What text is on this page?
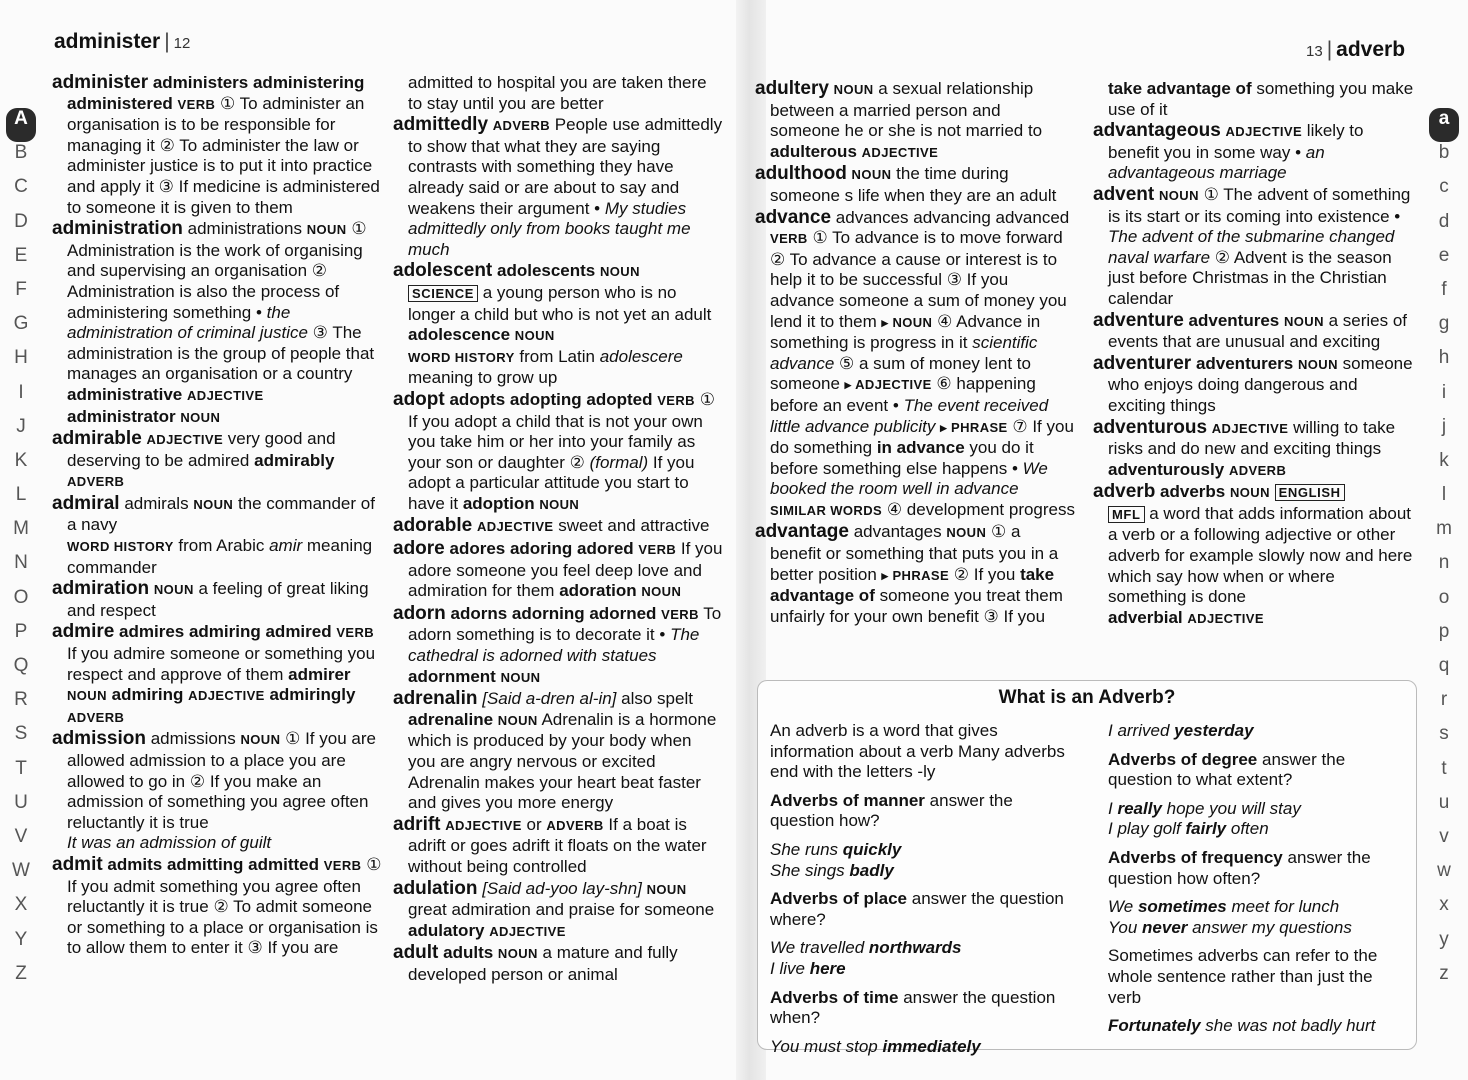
administer | 12	13 | adverb
A
B
C
D
E
F
G
H
I
J
K
L
M
N
O
P
Q
R
S
T
U
V
W
X
Y
Z
a
b
c
d
e
f
g
h
i
j
k
l
m
n
o
p
q
r
s
t
u
v
w
x
y
z

administer administers administering administered VERB ① To administer an organisation is to be responsible for managing it ② To administer the law or administer justice is to put it into practice and apply it ③ If medicine is administered to someone it is given to them

administration administrations NOUN ① Administration is the work of organising and supervising an organisation ② Administration is also the process of administering something • the administration of criminal justice ③ The administration is the group of people that manages an organisation or a country
administrative ADJECTIVE
administrator NOUN

admirable ADJECTIVE very good and deserving to be admired admirably ADVERB

admiral admirals NOUN the commander of a navy
WORD HISTORY from Arabic amir meaning commander

admiration NOUN a feeling of great liking and respect

admire admires admiring admired VERB If you admire someone or something you respect and approve of them admirer NOUN admiring ADJECTIVE admiringly ADVERB

admission admissions NOUN ① If you are allowed admission to a place you are allowed to go in ② If you make an admission of something you agree often reluctantly it is true
It was an admission of guilt

admit admits admitting admitted VERB ① If you admit something you agree often reluctantly it is true ② To admit someone or something to a place or organisation is to allow them to enter it ③ If you are

admitted to hospital you are taken there to stay until you are better

admittedly ADVERB People use admittedly to show that what they are saying contrasts with something they have already said or are about to say and weakens their argument • My studies admittedly only from books taught me much

adolescent adolescents NOUN
SCIENCE a young person who is no longer a child but who is not yet an adult adolescence NOUN
WORD HISTORY from Latin adolescere meaning to grow up

adopt adopts adopting adopted VERB ① If you adopt a child that is not your own you take him or her into your family as your son or daughter ② (formal) If you adopt a particular attitude you start to have it adoption NOUN

adorable ADJECTIVE sweet and attractive

adore adores adoring adored VERB If you adore someone you feel deep love and admiration for them adoration NOUN

adorn adorns adorning adorned VERB To adorn something is to decorate it • The cathedral is adorned with statues adornment NOUN

adrenalin [Said a-dren al-in] also spelt adrenaline NOUN Adrenalin is a hormone which is produced by your body when you are angry nervous or excited Adrenalin makes your heart beat faster and gives you more energy

adrift ADJECTIVE or ADVERB If a boat is adrift or goes adrift it floats on the water without being controlled

adulation [Said ad-yoo lay-shn] NOUN great admiration and praise for someone adulatory ADJECTIVE

adult adults NOUN a mature and fully developed person or animal

adultery NOUN a sexual relationship between a married person and someone he or she is not married to
adulterous ADJECTIVE

adulthood NOUN the time during someone s life when they are an adult

advance advances advancing advanced VERB ① To advance is to move forward ② To advance a cause or interest is to help it to be successful ③ If you advance someone a sum of money you lend it to them ▸ NOUN ④ Advance in something is progress in it scientific advance ⑤ a sum of money lent to someone ▸ ADJECTIVE ⑥ happening before an event • The event received little advance publicity ▸ PHRASE ⑦ If you do something in advance you do it before something else happens • We booked the room well in advance SIMILAR WORDS ④ development progress

advantage advantages NOUN ① a benefit or something that puts you in a better position ▸ PHRASE ② If you take advantage of someone you treat them unfairly for your own benefit ③ If you

take advantage of something you make use of it

advantageous ADJECTIVE likely to benefit you in some way • an advantageous marriage

advent NOUN ① The advent of something is its start or its coming into existence • The advent of the submarine changed naval warfare ② Advent is the season just before Christmas in the Christian calendar

adventure adventures NOUN a series of events that are unusual and exciting

adventurer adventurers NOUN someone who enjoys doing dangerous and exciting things

adventurous ADJECTIVE willing to take risks and do new and exciting things adventurously ADVERB

adverb adverbs NOUN ENGLISH
MFL a word that adds information about a verb or a following adjective or other adverb for example slowly now and here which say how when or where something is done
adverbial ADJECTIVE

What is an Adverb?

An adverb is a word that gives information about a verb Many adverbs end with the letters -ly

Adverbs of manner answer the question how?

She runs quickly
She sings badly

Adverbs of place answer the question where?

We travelled northwards
I live here

Adverbs of time answer the question when?

You must stop immediately

I arrived yesterday

Adverbs of degree answer the question to what extent?

I really hope you will stay
I play golf fairly often

Adverbs of frequency answer the question how often?

We sometimes meet for lunch
You never answer my questions

Sometimes adverbs can refer to the whole sentence rather than just the verb

Fortunately she was not badly hurt
